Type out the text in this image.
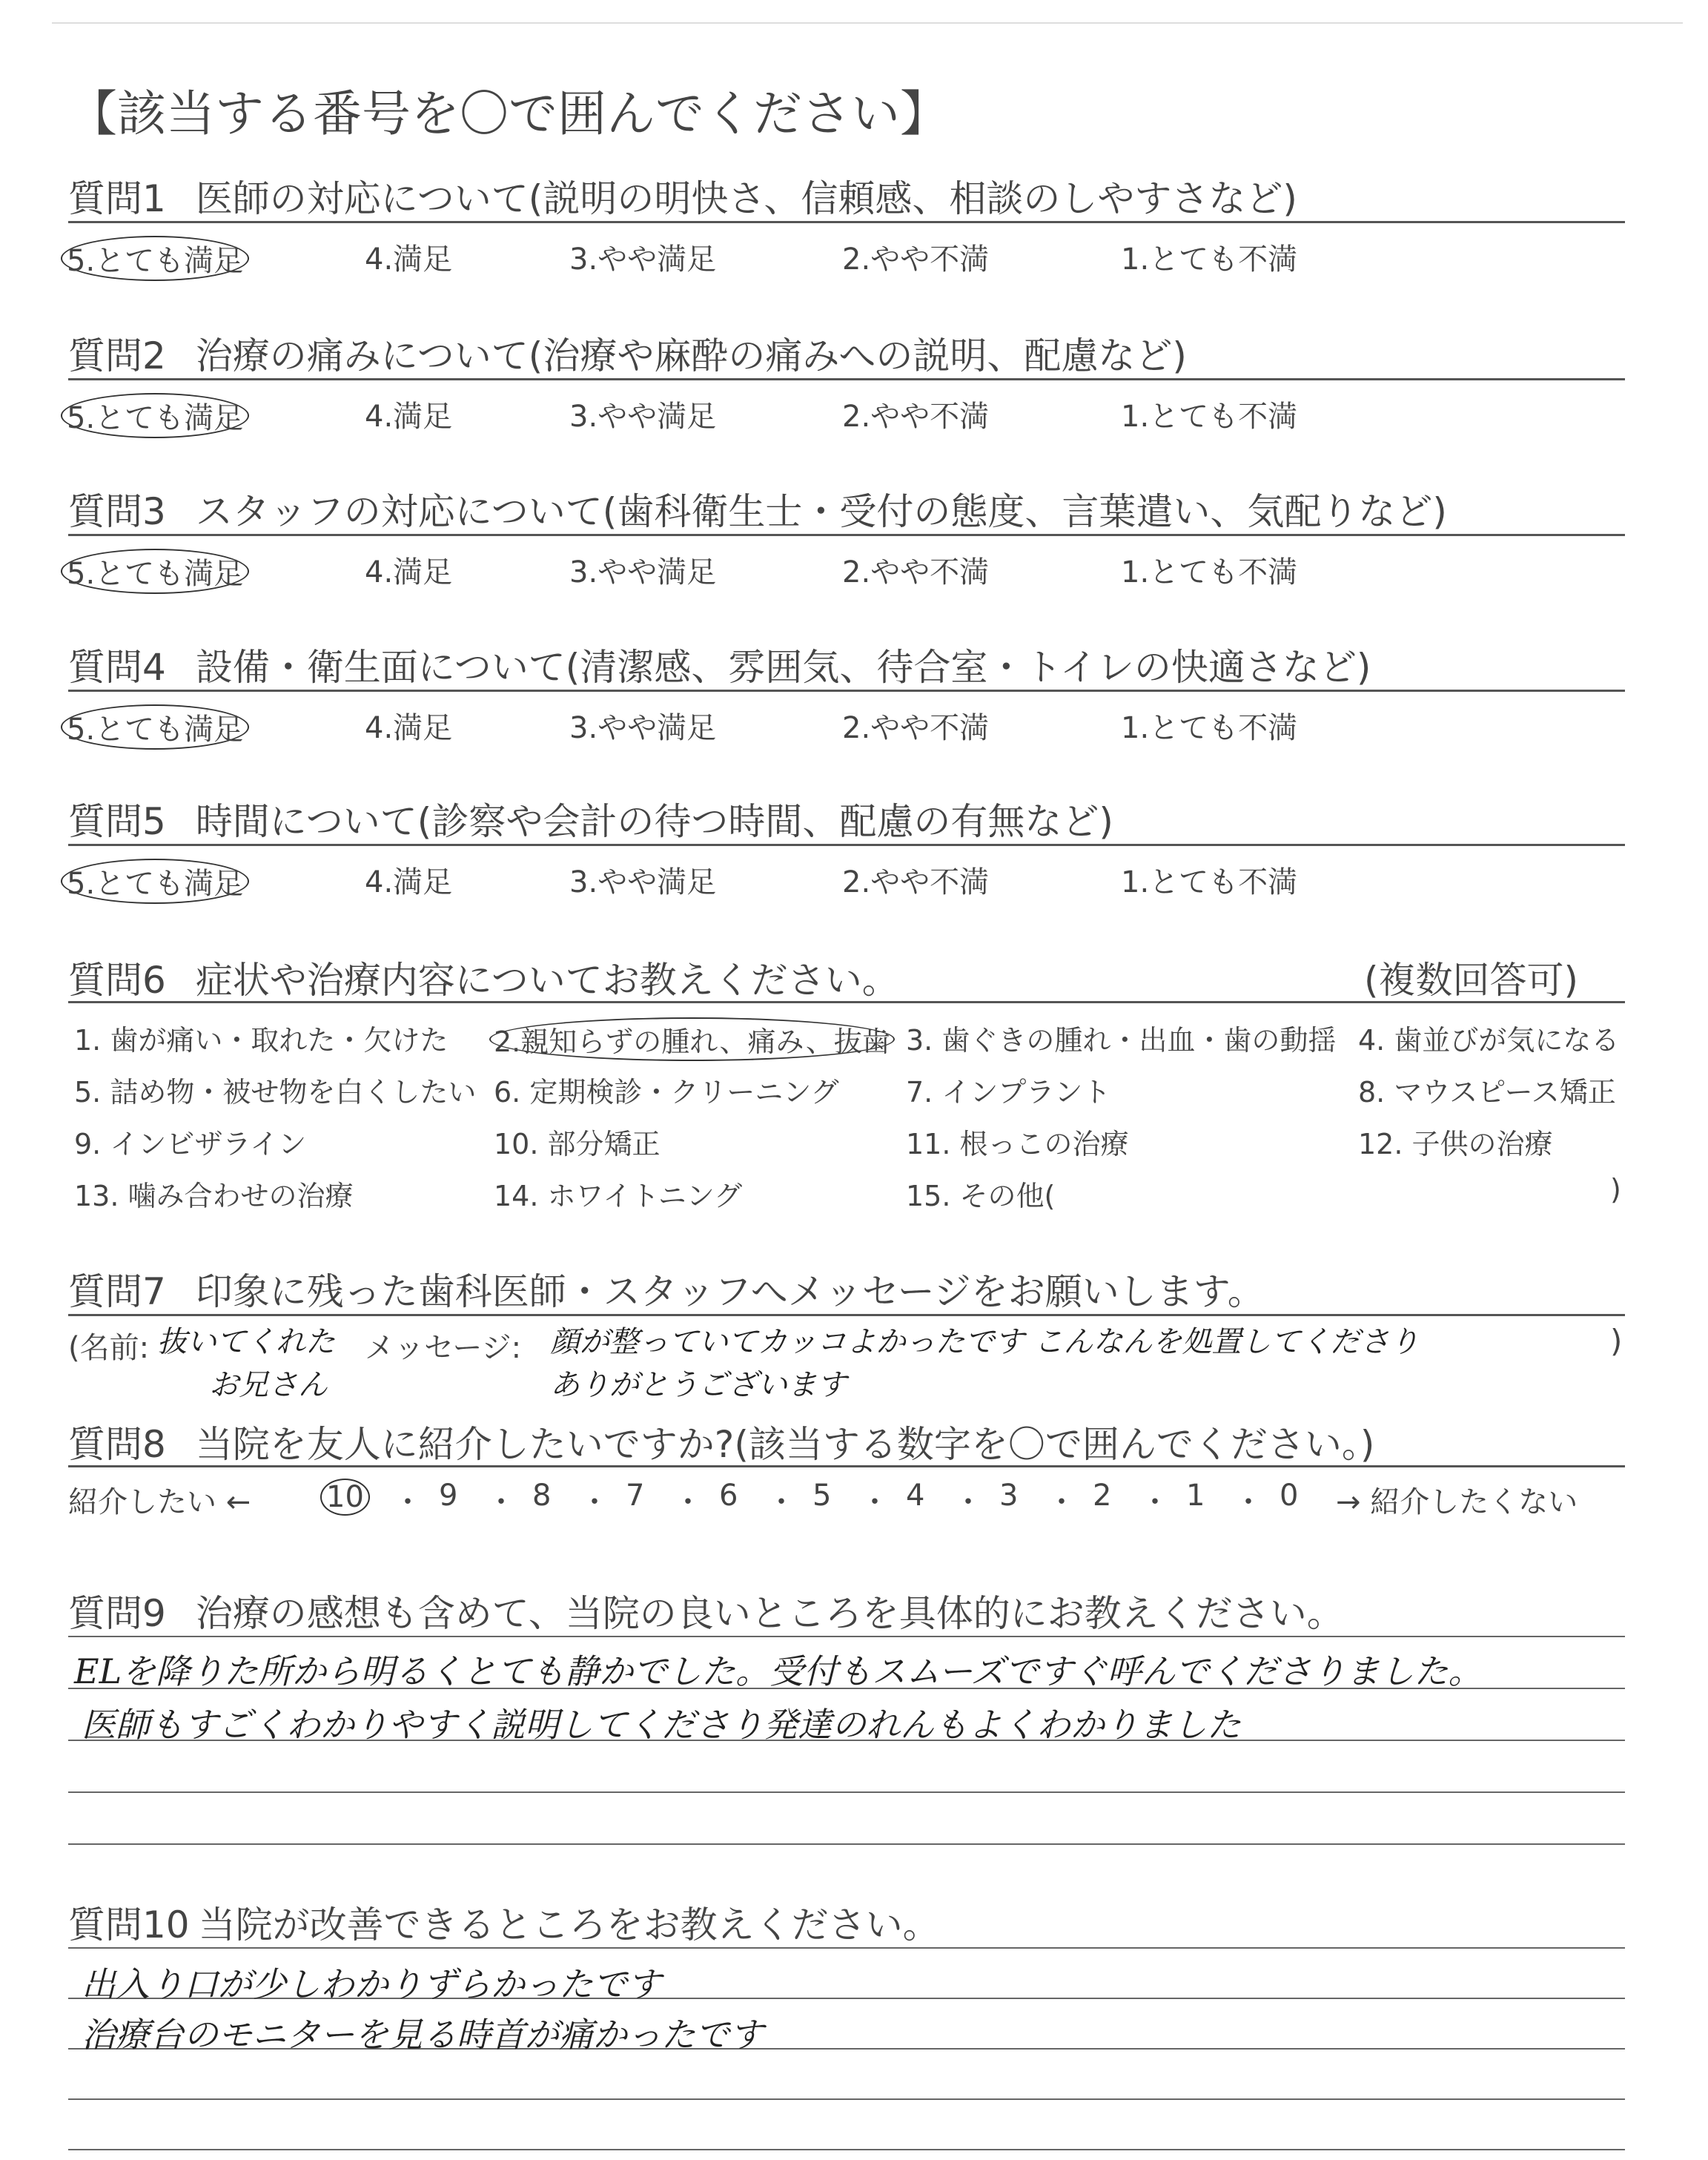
【該当する番号を〇で囲んでください】
質問1 医師の対応について(説明の明快さ、信頼感、相談のしやすさなど)
5.とても満足	4.満足	3.やや満足	2.やや不満	1.とても不満
質問2 治療の痛みについて(治療や麻酔の痛みへの説明、配慮など)
5.とても満足	4.満足	3.やや満足	2.やや不満	1.とても不満
質問3 スタッフの対応について(歯科衛生士・受付の態度、言葉遣い、気配りなど)
5.とても満足	4.満足	3.やや満足	2.やや不満	1.とても不満
質問4 設備・衛生面について(清潔感、雰囲気、待合室・トイレの快適さなど)
5.とても満足	4.満足	3.やや満足	2.やや不満	1.とても不満
質問5 時間について(診察や会計の待つ時間、配慮の有無など)
5.とても満足	4.満足	3.やや満足	2.やや不満	1.とても不満
質問6 症状や治療内容についてお教えください。	(複数回答可)
1. 歯が痛い・取れた・欠けた 2.親知らずの腫れ、痛み、抜歯 3. 歯ぐきの腫れ・出血・歯の動揺 4. 歯並びが気になる
5. 詰め物・被せ物を白くしたい 6. 定期検診・クリーニング 7. インプラント	8. マウスピース矯正
9. インビザライン	10. 部分矯正	11. 根っこの治療	12. 子供の治療
13. 噛み合わせの治療	14. ホワイトニング	15. その他(	)
質問7 印象に残った歯科医師・スタッフへメッセージをお願いします。
(名前: 抜いてくれた
お兄さん
メッセージ: 顔が整っていてカッコよかったです こんなんを処置してくださり
ありがとうございます
)
質問8 当院を友人に紹介したいですか?(該当する数字を〇で囲んでください。)
紹介したい ←	10 ・ 9 ・ 8 ・ 7 ・ 6 ・ 5 ・ 4 ・ 3 ・ 2 ・ 1 ・ 0 → 紹介したくない
質問9 治療の感想も含めて、当院の良いところを具体的にお教えください。
ELを降りた所から明るくとても静かでした。受付もスムーズですぐ呼んでくださりました。
医師もすごくわかりやすく説明してくださり発達のれんもよくわかりました
質問10 当院が改善できるところをお教えください。
出入り口が少しわかりずらかったです
治療台のモニターを見る時首が痛かったです
